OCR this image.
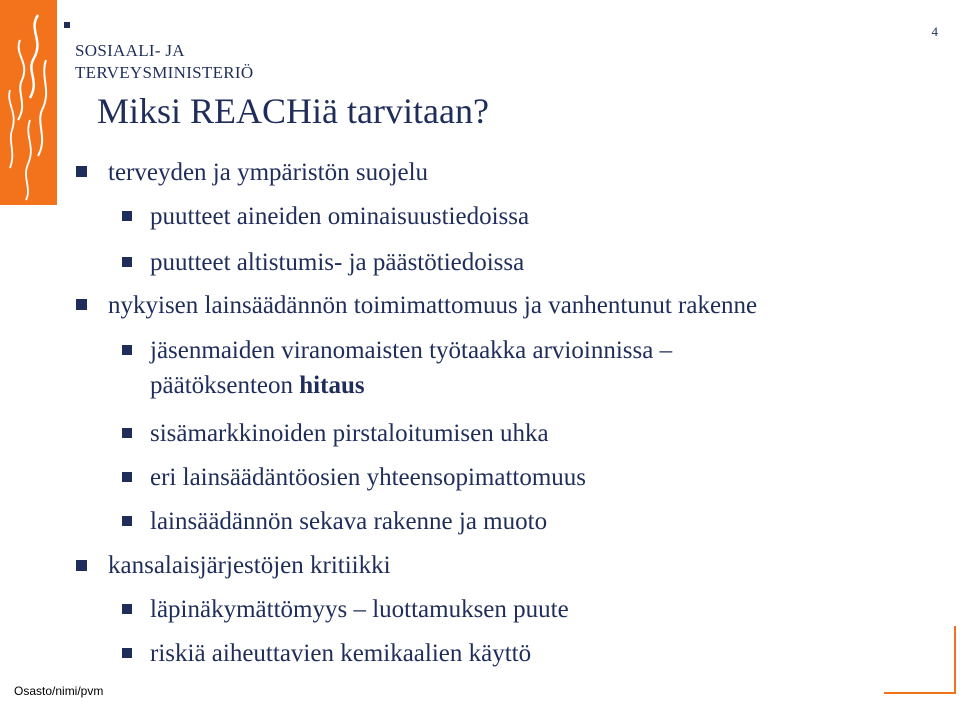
SOSIAALI- JA
TERVEYSMINISTERIÖ
4
Miksi REACHiä tarvitaan?
terveyden ja ympäristön suojelu
puutteet aineiden ominaisuustiedoissa
puutteet altistumis- ja päästötiedoissa
nykyisen lainsäädännön toimimattomuus ja vanhentunut rakenne
jäsenmaiden viranomaisten työtaakka arvioinnissa –
päätöksenteon hitaus
sisämarkkinoiden pirstaloitumisen uhka
eri lainsäädäntöosien yhteensopimattomuus
lainsäädännön sekava rakenne ja muoto
kansalaisjärjestöjen kritiikki
läpinäkymättömyys – luottamuksen puute
riskiä aiheuttavien kemikaalien käyttö
Osasto/nimi/pvm
